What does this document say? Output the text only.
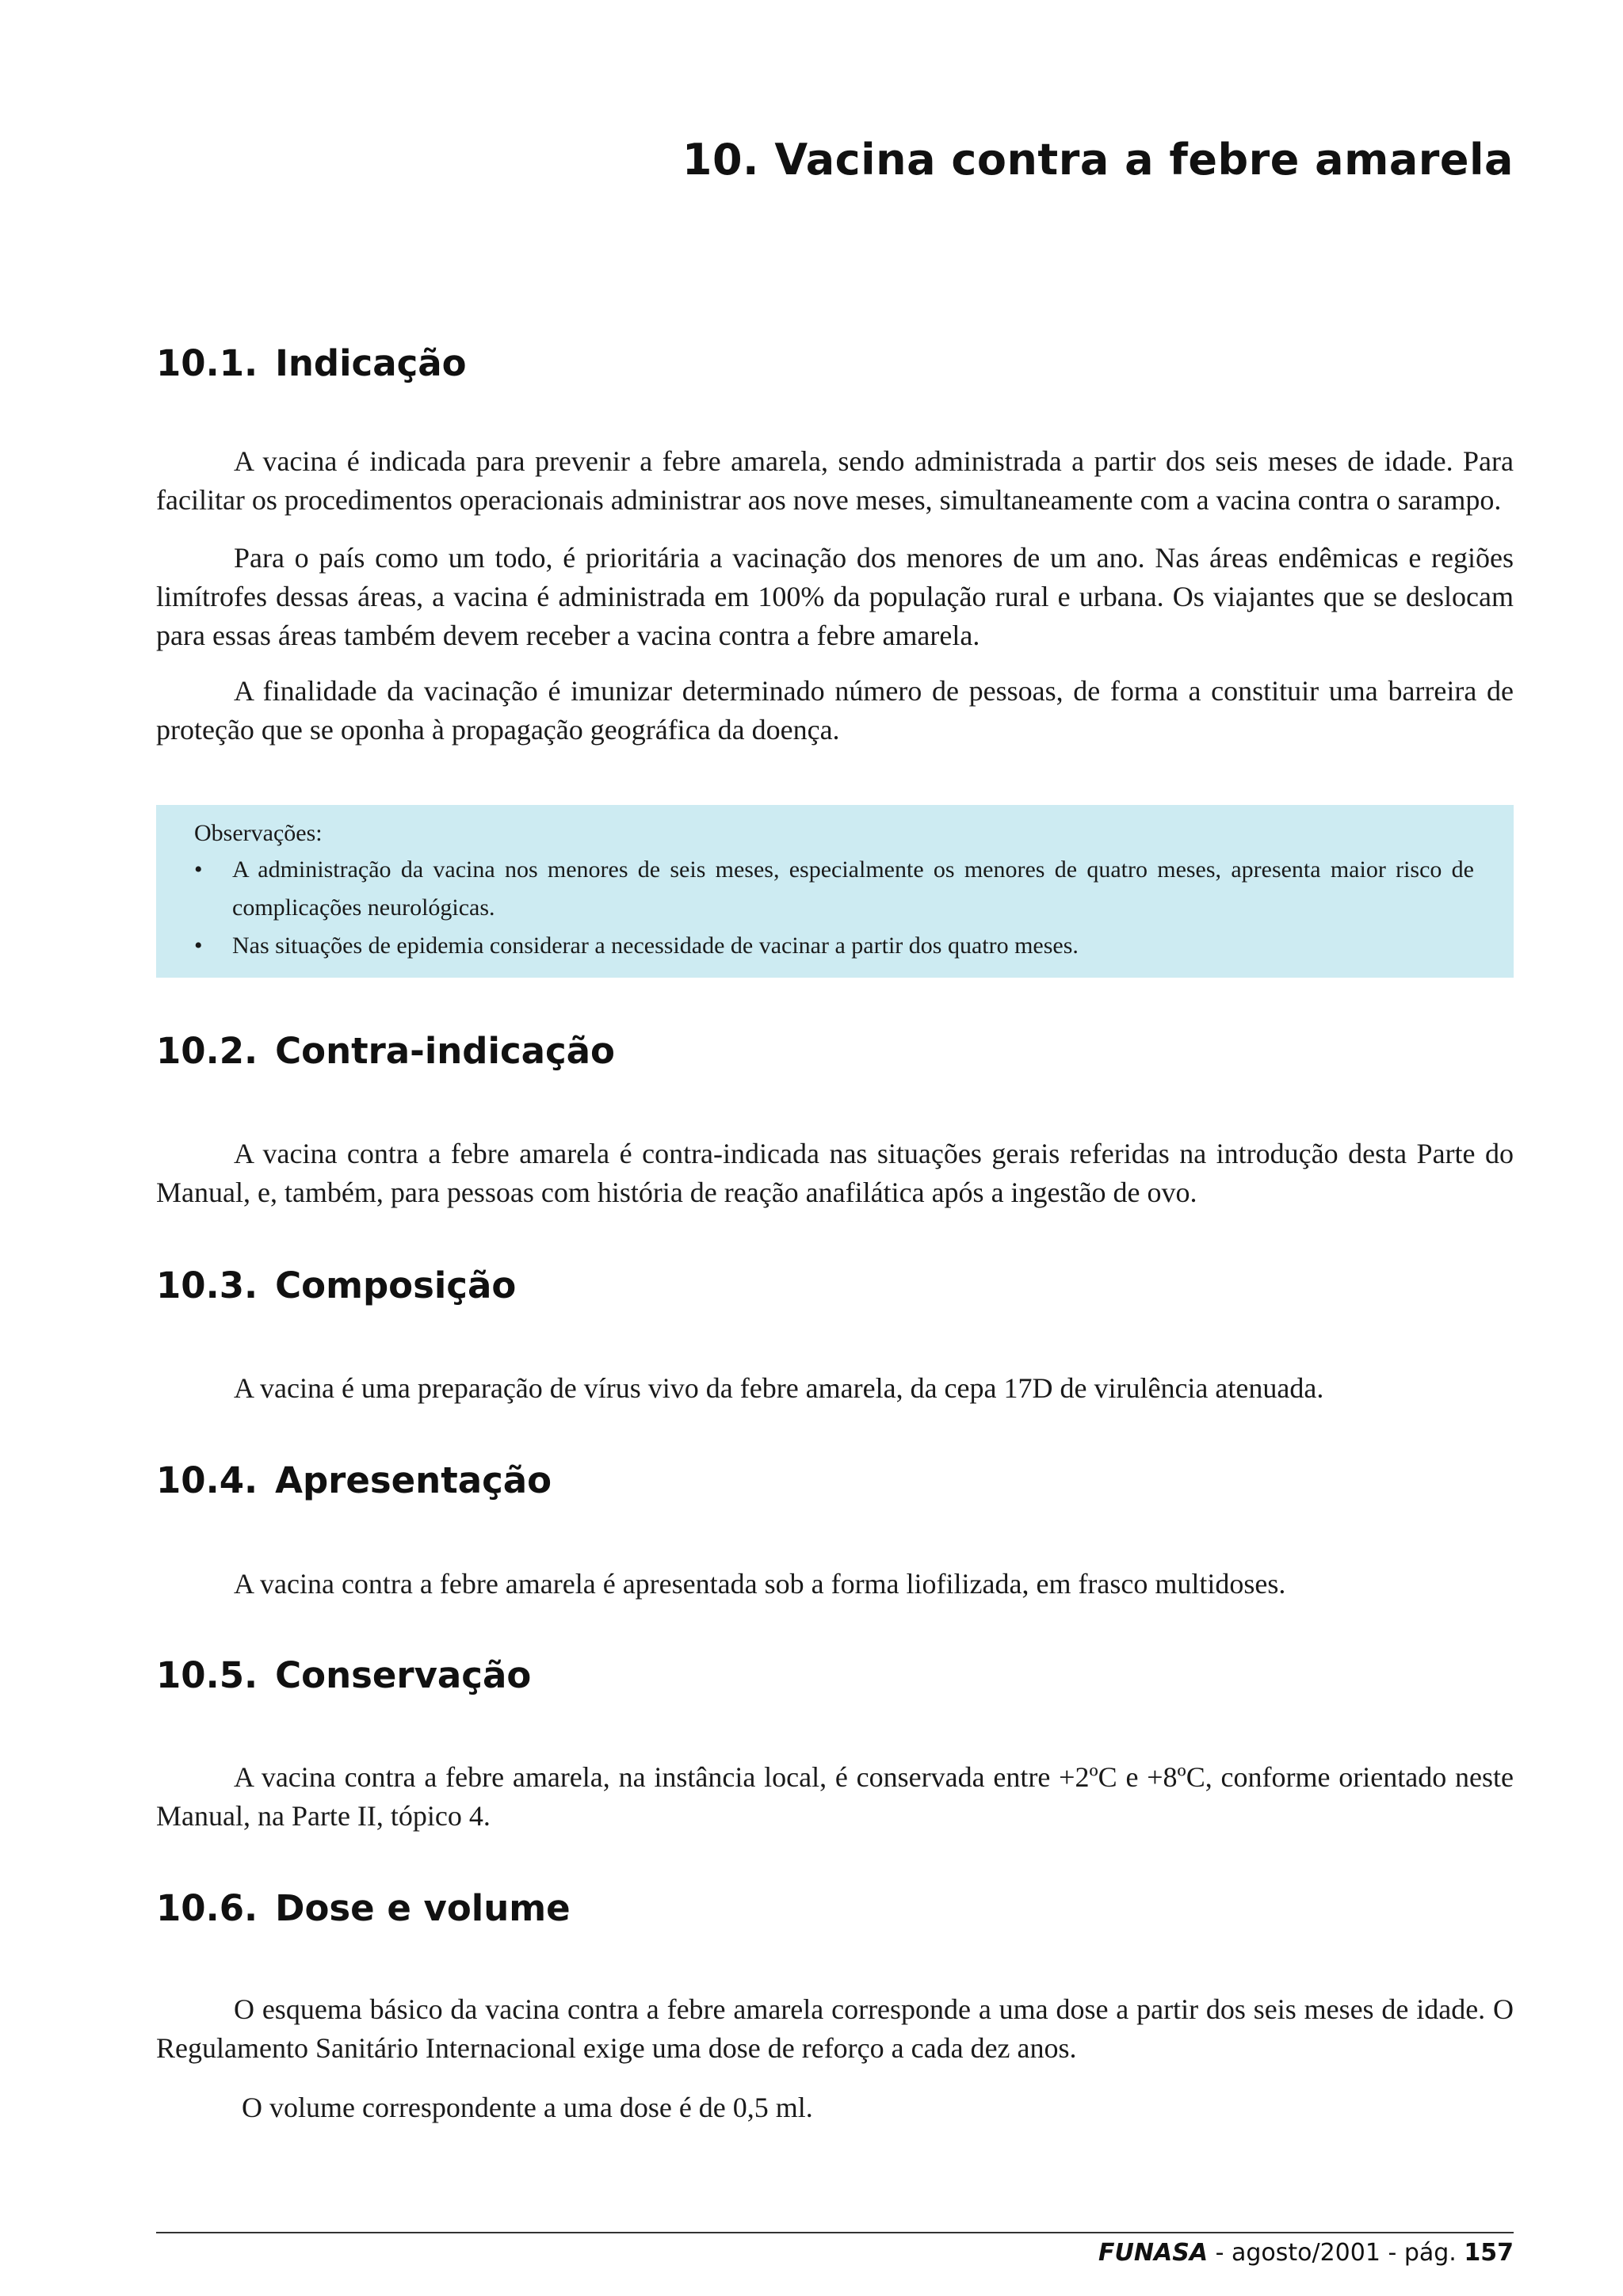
10. Vacina contra a febre amarela
10.1. Indicação

A vacina é indicada para prevenir a febre amarela, sendo administrada a partir dos seis meses de idade. Para facilitar os procedimentos operacionais administrar aos nove meses, simultaneamente com a vacina contra o sarampo.

Para o país como um todo, é prioritária a vacinação dos menores de um ano. Nas áreas endêmicas e regiões limítrofes dessas áreas, a vacina é administrada em 100% da população rural e urbana. Os viajantes que se deslocam para essas áreas também devem receber a vacina contra a febre amarela.

A finalidade da vacinação é imunizar determinado número de pessoas, de forma a constituir uma barreira de proteção que se oponha à propagação geográfica da doença.

Observações:

• A administração da vacina nos menores de seis meses, especialmente os menores de quatro meses, apresenta maior risco de complicações neurológicas.
• Nas situações de epidemia considerar a necessidade de vacinar a partir dos quatro meses.
10.2. Contra-indicação

A vacina contra a febre amarela é contra-indicada nas situações gerais referidas na introdução desta Parte do Manual, e, também, para pessoas com história de reação anafilática após a ingestão de ovo.

10.3. Composição

A vacina é uma preparação de vírus vivo da febre amarela, da cepa 17D de virulência atenuada.

10.4. Apresentação

A vacina contra a febre amarela é apresentada sob a forma liofilizada, em frasco multidoses.

10.5. Conservação

A vacina contra a febre amarela, na instância local, é conservada entre +2ºC e +8ºC, conforme orientado neste Manual, na Parte II, tópico 4.

10.6. Dose e volume

O esquema básico da vacina contra a febre amarela corresponde a uma dose a partir dos seis meses de idade. O Regulamento Sanitário Internacional exige uma dose de reforço a cada dez anos.

O volume correspondente a uma dose é de 0,5 ml.

FUNASA - agosto/2001 - pág. 157
